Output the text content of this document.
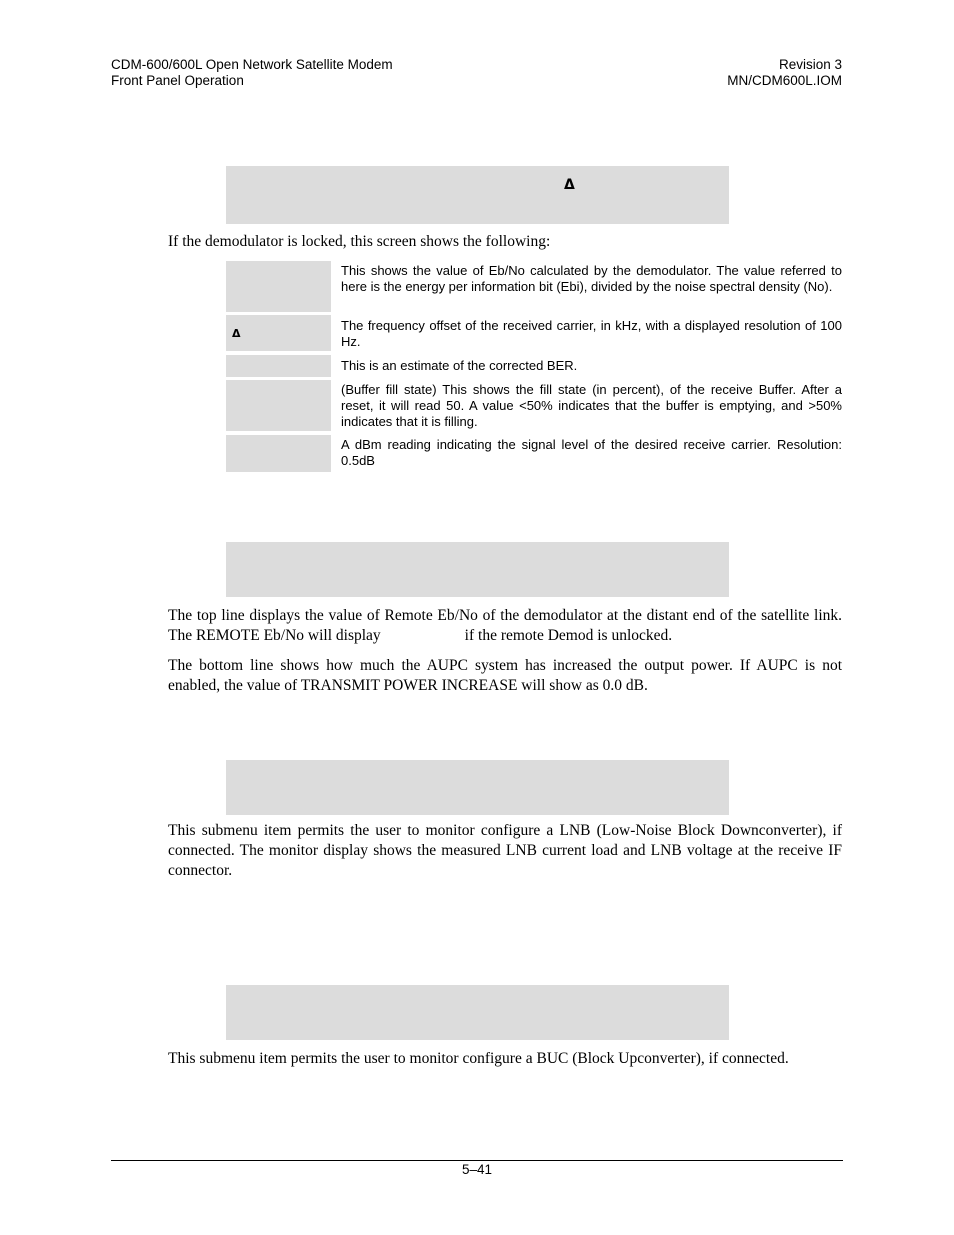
CDM-600/600L Open Network Satellite Modem
Front Panel Operation
Revision 3
MN/CDM600L.IOM
Δ

If the demodulator is locked, this screen shows the following:

This shows the value of Eb/No calculated by the demodulator. The value referred to here is the energy per information bit (Ebi), divided by the noise spectral density (No).
Δ
The frequency offset of the received carrier, in kHz, with a displayed resolution of 100 Hz.
This is an estimate of the corrected BER.
(Buffer fill state) This shows the fill state (in percent), of the receive Buffer. After a reset, it will read 50. A value <50% indicates that the buffer is emptying, and >50% indicates that it is filling.
A dBm reading indicating the signal level of the desired receive carrier. Resolution: 0.5dB

The top line displays the value of Remote Eb/No of the demodulator at the distant end of the satellite link. The REMOTE Eb/No will display	if the remote Demod is unlocked.

The bottom line shows how much the AUPC system has increased the output power. If AUPC is not enabled, the value of TRANSMIT POWER INCREASE will show as 0.0 dB.

This submenu item permits the user to monitor configure a LNB (Low-Noise Block Downconverter), if connected. The monitor display shows the measured LNB current load and LNB voltage at the receive IF connector.

This submenu item permits the user to monitor configure a BUC (Block Upconverter), if connected.

5–41
